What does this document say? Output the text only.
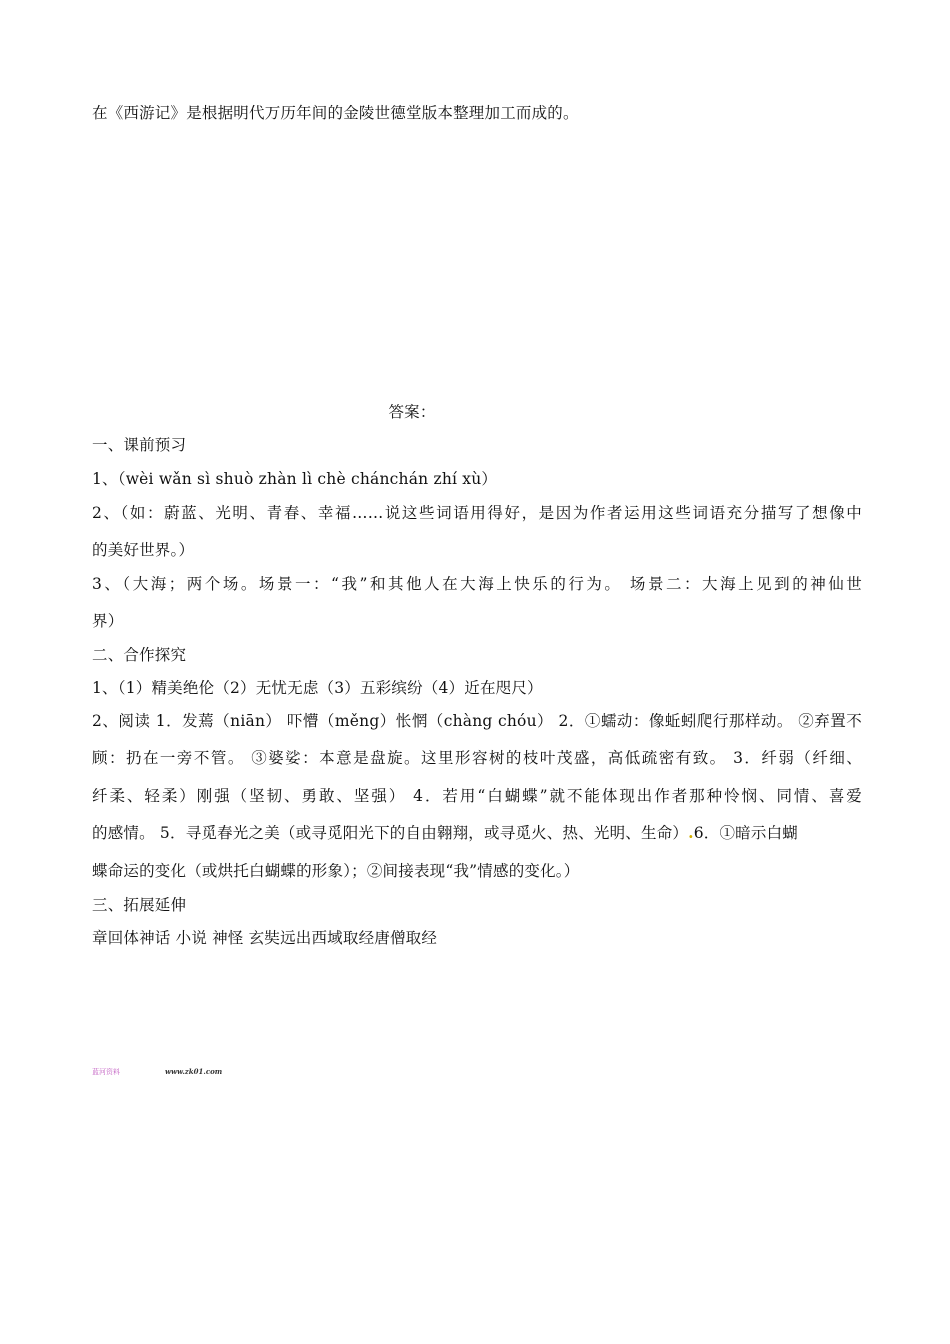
在《西游记》是根据明代万历年间的金陵世德堂版本整理加工而成的。
答案：
一、课前预习
1、（wèi wǎn sì shuò zhàn lì chè chánchán zhí xù）
2、（如：蔚蓝、光明、青春、幸福……说这些词语用得好，是因为作者运用这些词语充分描写了想像中
的美好世界。）
3、（大海；两个场。场景一：“我”和其他人在大海上快乐的行为。 场景二：大海上见到的神仙世
界）
二、合作探究
1、（1）精美绝伦（2）无忧无虑（3）五彩缤纷（4）近在咫尺）
2、阅读 1．发蔫（niān） 吓懵（měng）怅惘（chàng chóu） 2．①蠕动：像蚯蚓爬行那样动。 ②弃置不
顾：扔在一旁不管。 ③婆娑：本意是盘旋。这里形容树的枝叶茂盛，高低疏密有致。 3．纤弱（纤细、
纤柔、轻柔）刚强（坚韧、勇敢、坚强） 4．若用“白蝴蝶”就不能体现出作者那种怜悯、同情、喜爱
的感情。 5．寻觅春光之美（或寻觅阳光下的自由翱翔，或寻觅火、热、光明、生命）.6．①暗示白蝴
蝶命运的变化（或烘托白蝴蝶的形象）；②间接表现“我”情感的变化。）
三、拓展延伸
章回体神话 小说 神怪 玄奘远出西域取经唐僧取经
蓝河资料	www.zk01.com
